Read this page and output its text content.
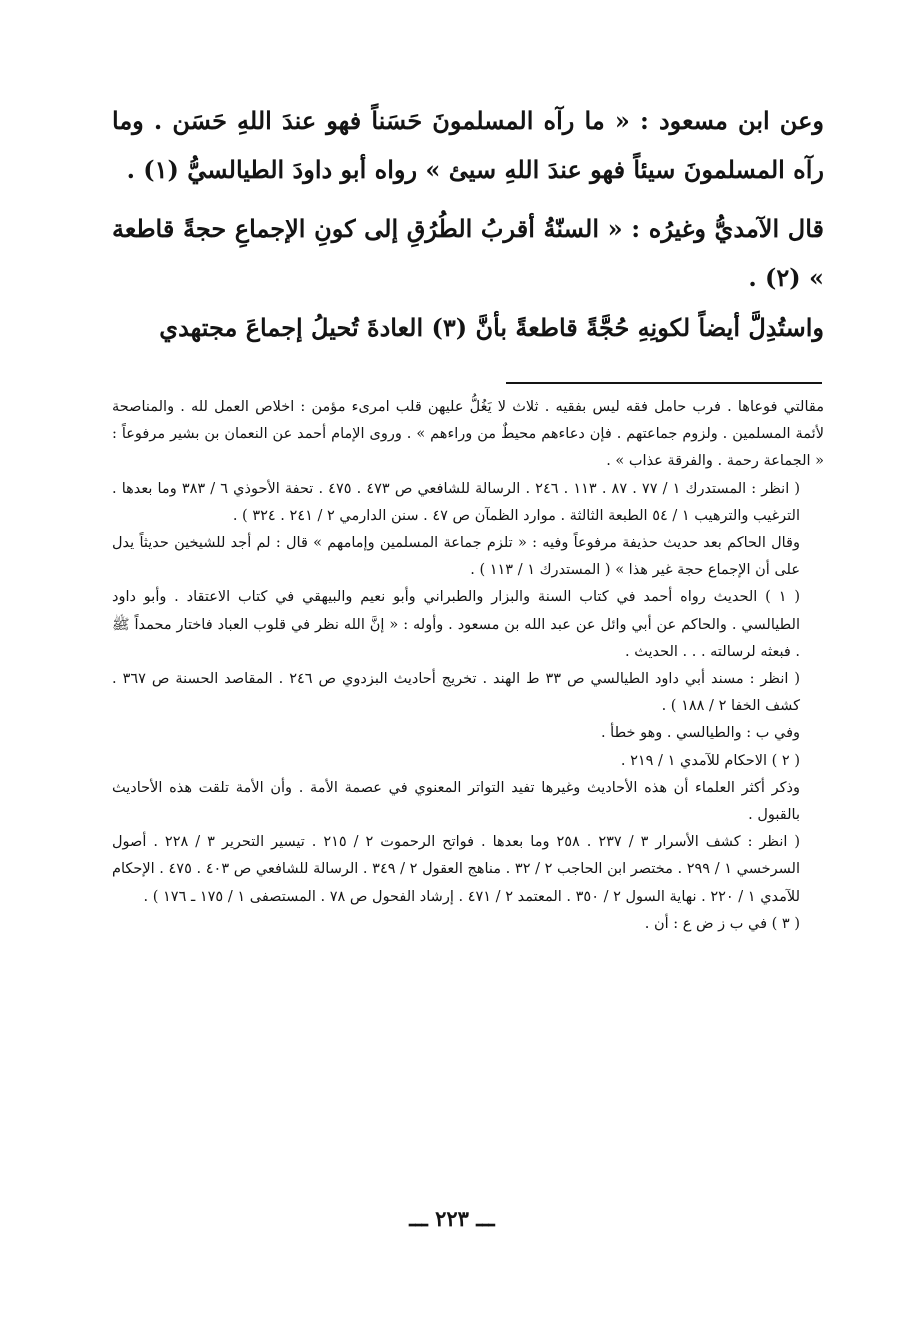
وعن ابن مسعود : « ما رآه المسلمونَ حَسَناً فهو عندَ اللهِ حَسَن . وما رآه المسلمونَ سيئاً فهو عندَ اللهِ سيئ » رواه أبو داودَ الطيالسيُّ (١) .

قال الآمديُّ وغيرُه : « السنّةُ أقربُ الطُرُقِ إلى كونِ الإجماعِ حجةً قاطعة » (٢) .

واستُدِلَّ أيضاً لكونِهِ حُجَّةً قاطعةً بأنَّ (٣) العادةَ تُحيلُ إجماعَ مجتهدي

مقالتي فوعاها . فرب حامل فقه ليس بفقيه . ثلاث لا يَغُلُّ عليهن قلب امرىء مؤمن : اخلاص العمل لله . والمناصحة لأئمة المسلمين . ولزوم جماعتهم . فإن دعاءهم محيطٌ من وراءهم » . وروى الإمام أحمد عن النعمان بن بشير مرفوعاً : « الجماعة رحمة . والفرقة عذاب » .

( انظر : المستدرك ١ / ٧٧ . ٨٧ . ١١٣ . ٢٤٦ . الرسالة للشافعي ص ٤٧٣ . ٤٧٥ . تحفة الأحوذي ٦ / ٣٨٣ وما بعدها . الترغيب والترهيب ١ / ٥٤ الطبعة الثالثة . موارد الظمآن ص ٤٧ . سنن الدارمي ٢ / ٢٤١ . ٣٢٤ ) .

وقال الحاكم بعد حديث حذيفة مرفوعاً وفيه : « تلزم جماعة المسلمين وإمامهم » قال : لم أجد للشيخين حديثاً يدل على أن الإجماع حجة غير هذا » ( المستدرك ١ / ١١٣ ) .

( ١ ) الحديث رواه أحمد في كتاب السنة والبزار والطبراني وأبو نعيم والبيهقي في كتاب الاعتقاد . وأبو داود الطيالسي . والحاكم عن أبي وائل عن عبد الله بن مسعود . وأوله : « إنَّ الله نظر في قلوب العباد فاختار محمداً ﷺ . فبعثه لرسالته . . . الحديث .

( انظر : مسند أبي داود الطيالسي ص ٣٣ ط الهند . تخريج أحاديث البزدوي ص ٢٤٦ . المقاصد الحسنة ص ٣٦٧ . كشف الخفا ٢ / ١٨٨ ) .

وفي ب : والطيالسي . وهو خطأ .

( ٢ ) الاحكام للآمدي ١ / ٢١٩ .

وذكر أكثر العلماء أن هذه الأحاديث وغيرها تفيد التواتر المعنوي في عصمة الأمة . وأن الأمة تلقت هذه الأحاديث بالقبول .

( انظر : كشف الأسرار ٣ / ٢٣٧ . ٢٥٨ وما بعدها . فواتح الرحموت ٢ / ٢١٥ . تيسير التحرير ٣ / ٢٢٨ . أصول السرخسي ١ / ٢٩٩ . مختصر ابن الحاجب ٢ / ٣٢ . مناهج العقول ٢ / ٣٤٩ . الرسالة للشافعي ص ٤٠٣ . ٤٧٥ . الإحكام للآمدي ١ / ٢٢٠ . نهاية السول ٢ / ٣٥٠ . المعتمد ٢ / ٤٧١ . إرشاد الفحول ص ٧٨ . المستصفى ١ / ١٧٥ ـ ١٧٦ ) .

( ٣ ) في ب ز ض ع : أن .

ـــ ٢٢٣ ـــ
